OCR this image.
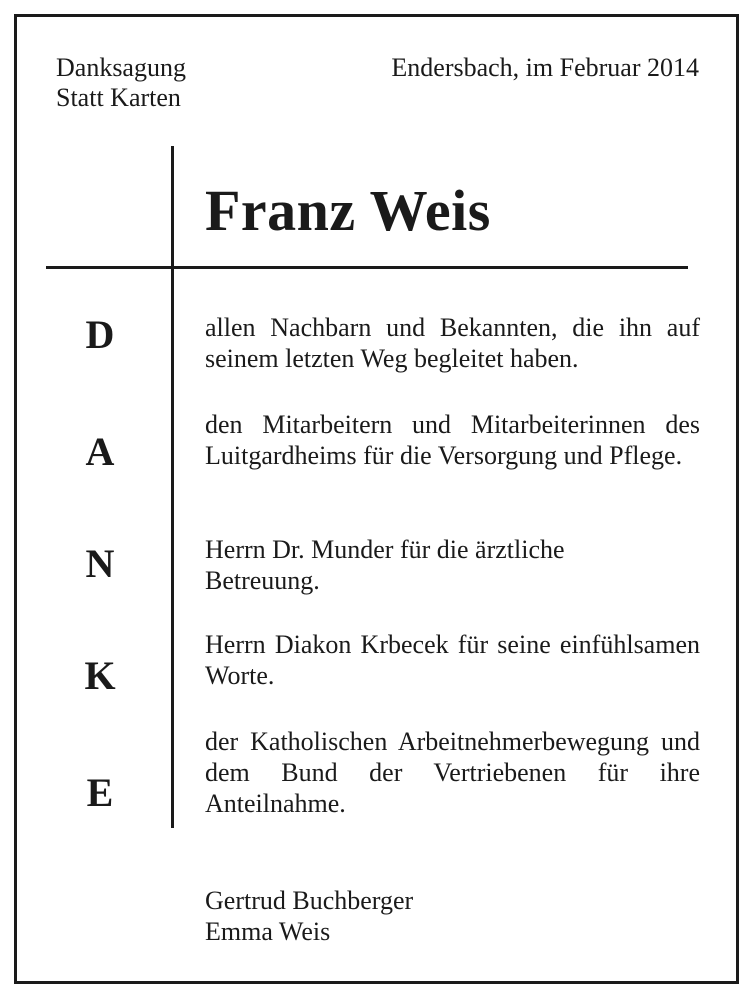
Danksagung
Statt Karten
Endersbach, im Februar 2014
Franz Weis
D
A
N
K
E

allen Nachbarn und Bekannten, die ihn auf seinem letzten Weg begleitet haben.

den Mitarbeitern und Mitarbeiterinnen des Luitgardheims für die Versorgung und Pflege.

Herrn Dr. Munder für die ärztliche Betreuung.

Herrn Diakon Krbecek für seine einfühlsamen Worte.

der Katholischen Arbeitnehmerbewegung und dem Bund der Vertriebenen für ihre Anteilnahme.

Gertrud Buchberger
Emma Weis
